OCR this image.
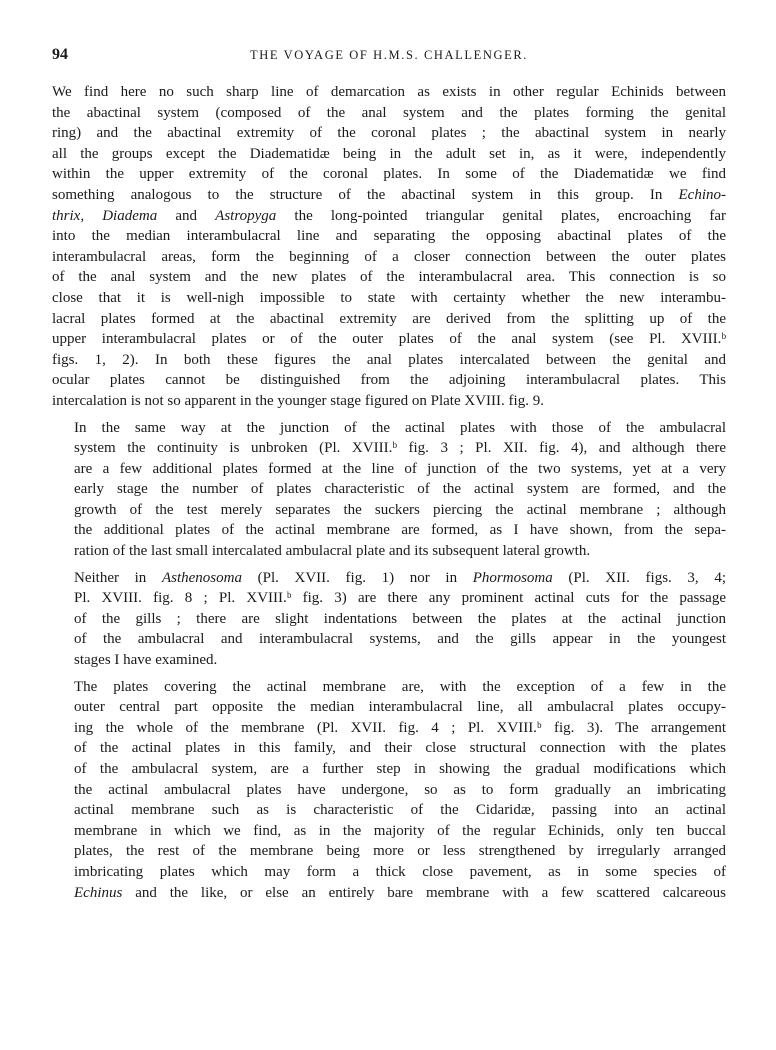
94	THE VOYAGE OF H.M.S. CHALLENGER.

We find here no such sharp line of demarcation as exists in other regular Echinids between
the abactinal system (composed of the anal system and the plates forming the genital
ring) and the abactinal extremity of the coronal plates ; the abactinal system in nearly
all the groups except the Diadematidæ being in the adult set in, as it were, independently
within the upper extremity of the coronal plates. In some of the Diadematidæ we find
something analogous to the structure of the abactinal system in this group. In Echino-
thrix, Diadema and Astropyga the long-pointed triangular genital plates, encroaching far
into the median interambulacral line and separating the opposing abactinal plates of the
interambulacral areas, form the beginning of a closer connection between the outer plates
of the anal system and the new plates of the interambulacral area. This connection is so
close that it is well-nigh impossible to state with certainty whether the new interambu-
lacral plates formed at the abactinal extremity are derived from the splitting up of the
upper interambulacral plates or of the outer plates of the anal system (see Pl. XVIII.ᵇ
figs. 1, 2). In both these figures the anal plates intercalated between the genital and
ocular plates cannot be distinguished from the adjoining interambulacral plates. This
intercalation is not so apparent in the younger stage figured on Plate XVIII. fig. 9.

In the same way at the junction of the actinal plates with those of the ambulacral
system the continuity is unbroken (Pl. XVIII.ᵇ fig. 3 ; Pl. XII. fig. 4), and although there
are a few additional plates formed at the line of junction of the two systems, yet at a very
early stage the number of plates characteristic of the actinal system are formed, and the
growth of the test merely separates the suckers piercing the actinal membrane ; although
the additional plates of the actinal membrane are formed, as I have shown, from the sepa-
ration of the last small intercalated ambulacral plate and its subsequent lateral growth.

Neither in Asthenosoma (Pl. XVII. fig. 1) nor in Phormosoma (Pl. XII. figs. 3, 4;
Pl. XVIII. fig. 8 ; Pl. XVIII.ᵇ fig. 3) are there any prominent actinal cuts for the passage
of the gills ; there are slight indentations between the plates at the actinal junction
of the ambulacral and interambulacral systems, and the gills appear in the youngest
stages I have examined.

The plates covering the actinal membrane are, with the exception of a few in the
outer central part opposite the median interambulacral line, all ambulacral plates occupy-
ing the whole of the membrane (Pl. XVII. fig. 4 ; Pl. XVIII.ᵇ fig. 3). The arrangement
of the actinal plates in this family, and their close structural connection with the plates
of the ambulacral system, are a further step in showing the gradual modifications which
the actinal ambulacral plates have undergone, so as to form gradually an imbricating
actinal membrane such as is characteristic of the Cidaridæ, passing into an actinal
membrane in which we find, as in the majority of the regular Echinids, only ten buccal
plates, the rest of the membrane being more or less strengthened by irregularly arranged
imbricating plates which may form a thick close pavement, as in some species of
Echinus and the like, or else an entirely bare membrane with a few scattered calcareous
